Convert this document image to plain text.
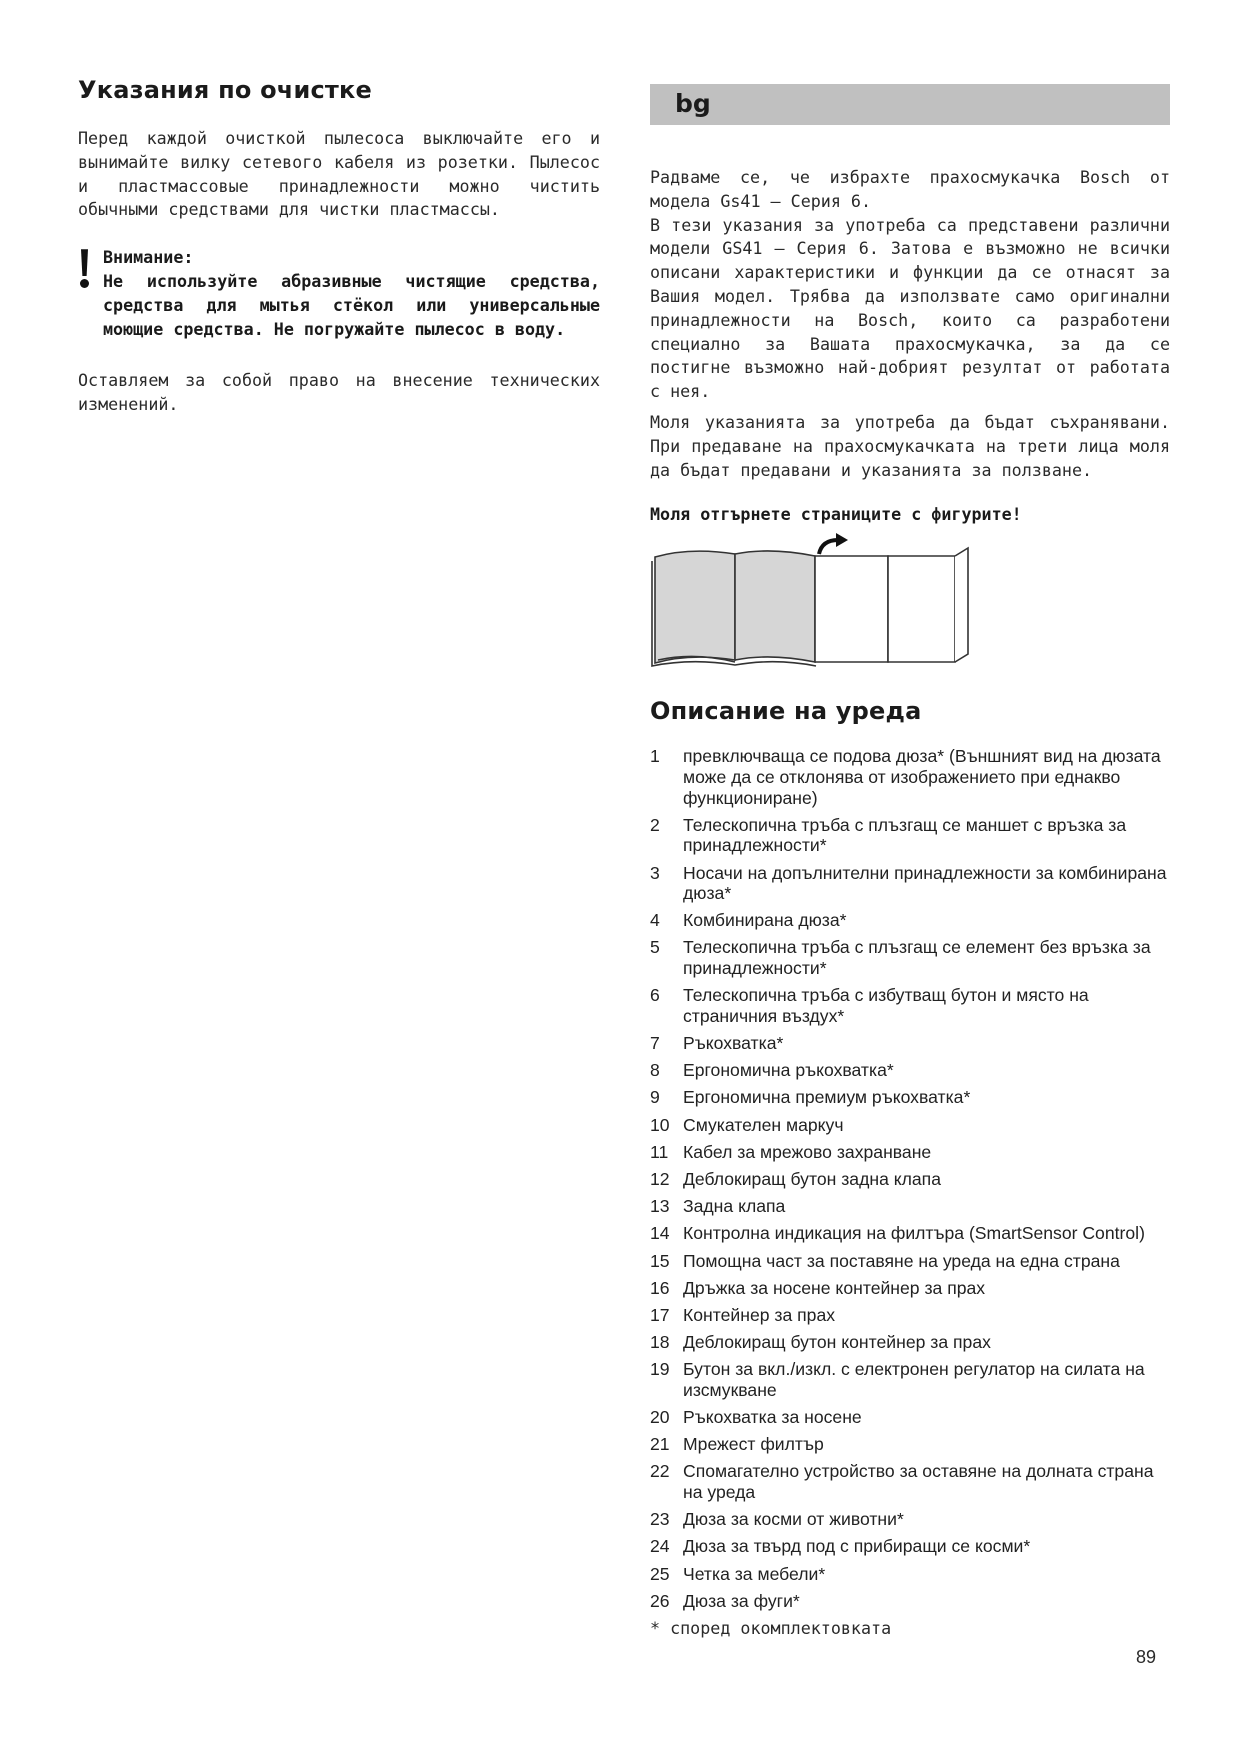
Указания по очистке

Перед каждой очисткой пылесоса выключайте его и вынимайте вилку сетевого кабеля из розетки. Пылесос и пластмассовые принадлежности можно чистить обычными средствами для чистки пластмассы.

Внимание:

Не используйте абразивные чистящие средства, средства для мытья стёкол или универсальные моющие средства. Не погружайте пылесос в воду.

Оставляем за собой право на внесение технических изменений.

bg

Радваме се, че избрахте прахосмукачка Bosch от модела Gs41 – Серия 6.

В тези указания за употреба са представени различни модели GS41 – Серия 6. Затова е възможно не всички описани характеристики и функции да се отнасят за Вашия модел. Трябва да използвате само оригинални принадлежности на Bosch, които са разработени специално за Вашата прахосмукачка, за да се постигне възможно най-добрият резултат от работата с нея.

Моля указанията за употреба да бъдат съхранявани. При предаване на прахосмукачката на трети лица моля да бъдат предавани и указанията за ползване.

Моля отгърнете страниците с фигурите!
Описание на уреда
1	превключваща се подова дюза* (Външният вид на дюзата може да се отклонява от изображението при еднакво функциониране)
2	Телескопична тръба с плъзгащ се маншет с връзка за принадлежности*
3	Носачи на допълнителни принадлежности за комбинирана дюза*
4	Комбинирана дюза*
5	Телескопична тръба с плъзгащ се елемент без връзка за принадлежности*
6	Телескопична тръба с избутващ бутон и място на страничния въздух*
7	Ръкохватка*
8	Ергономична ръкохватка*
9	Ергономична премиум ръкохватка*
10 Смукателен маркуч
11 Кабел за мрежово захранване
12 Деблокиращ бутон задна клапа
13 Задна клапа
14 Контролна индикация на филтъра (SmartSensor Control)
15 Помощна част за поставяне на уреда на една страна
16 Дръжка за носене контейнер за прах
17 Контейнер за прах
18 Деблокиращ бутон контейнер за прах
19 Бутон за вкл./изкл. с електронен регулатор на силата на изсмукване
20 Ръкохватка за носене
21 Мрежест филтър
22 Спомагателно устройство за оставяне на долната страна на уреда
23 Дюза за косми от животни*
24 Дюза за твърд под с прибиращи се косми*
25 Четка за мебели*
26 Дюза за фуги*
* според окомплектовката
89
